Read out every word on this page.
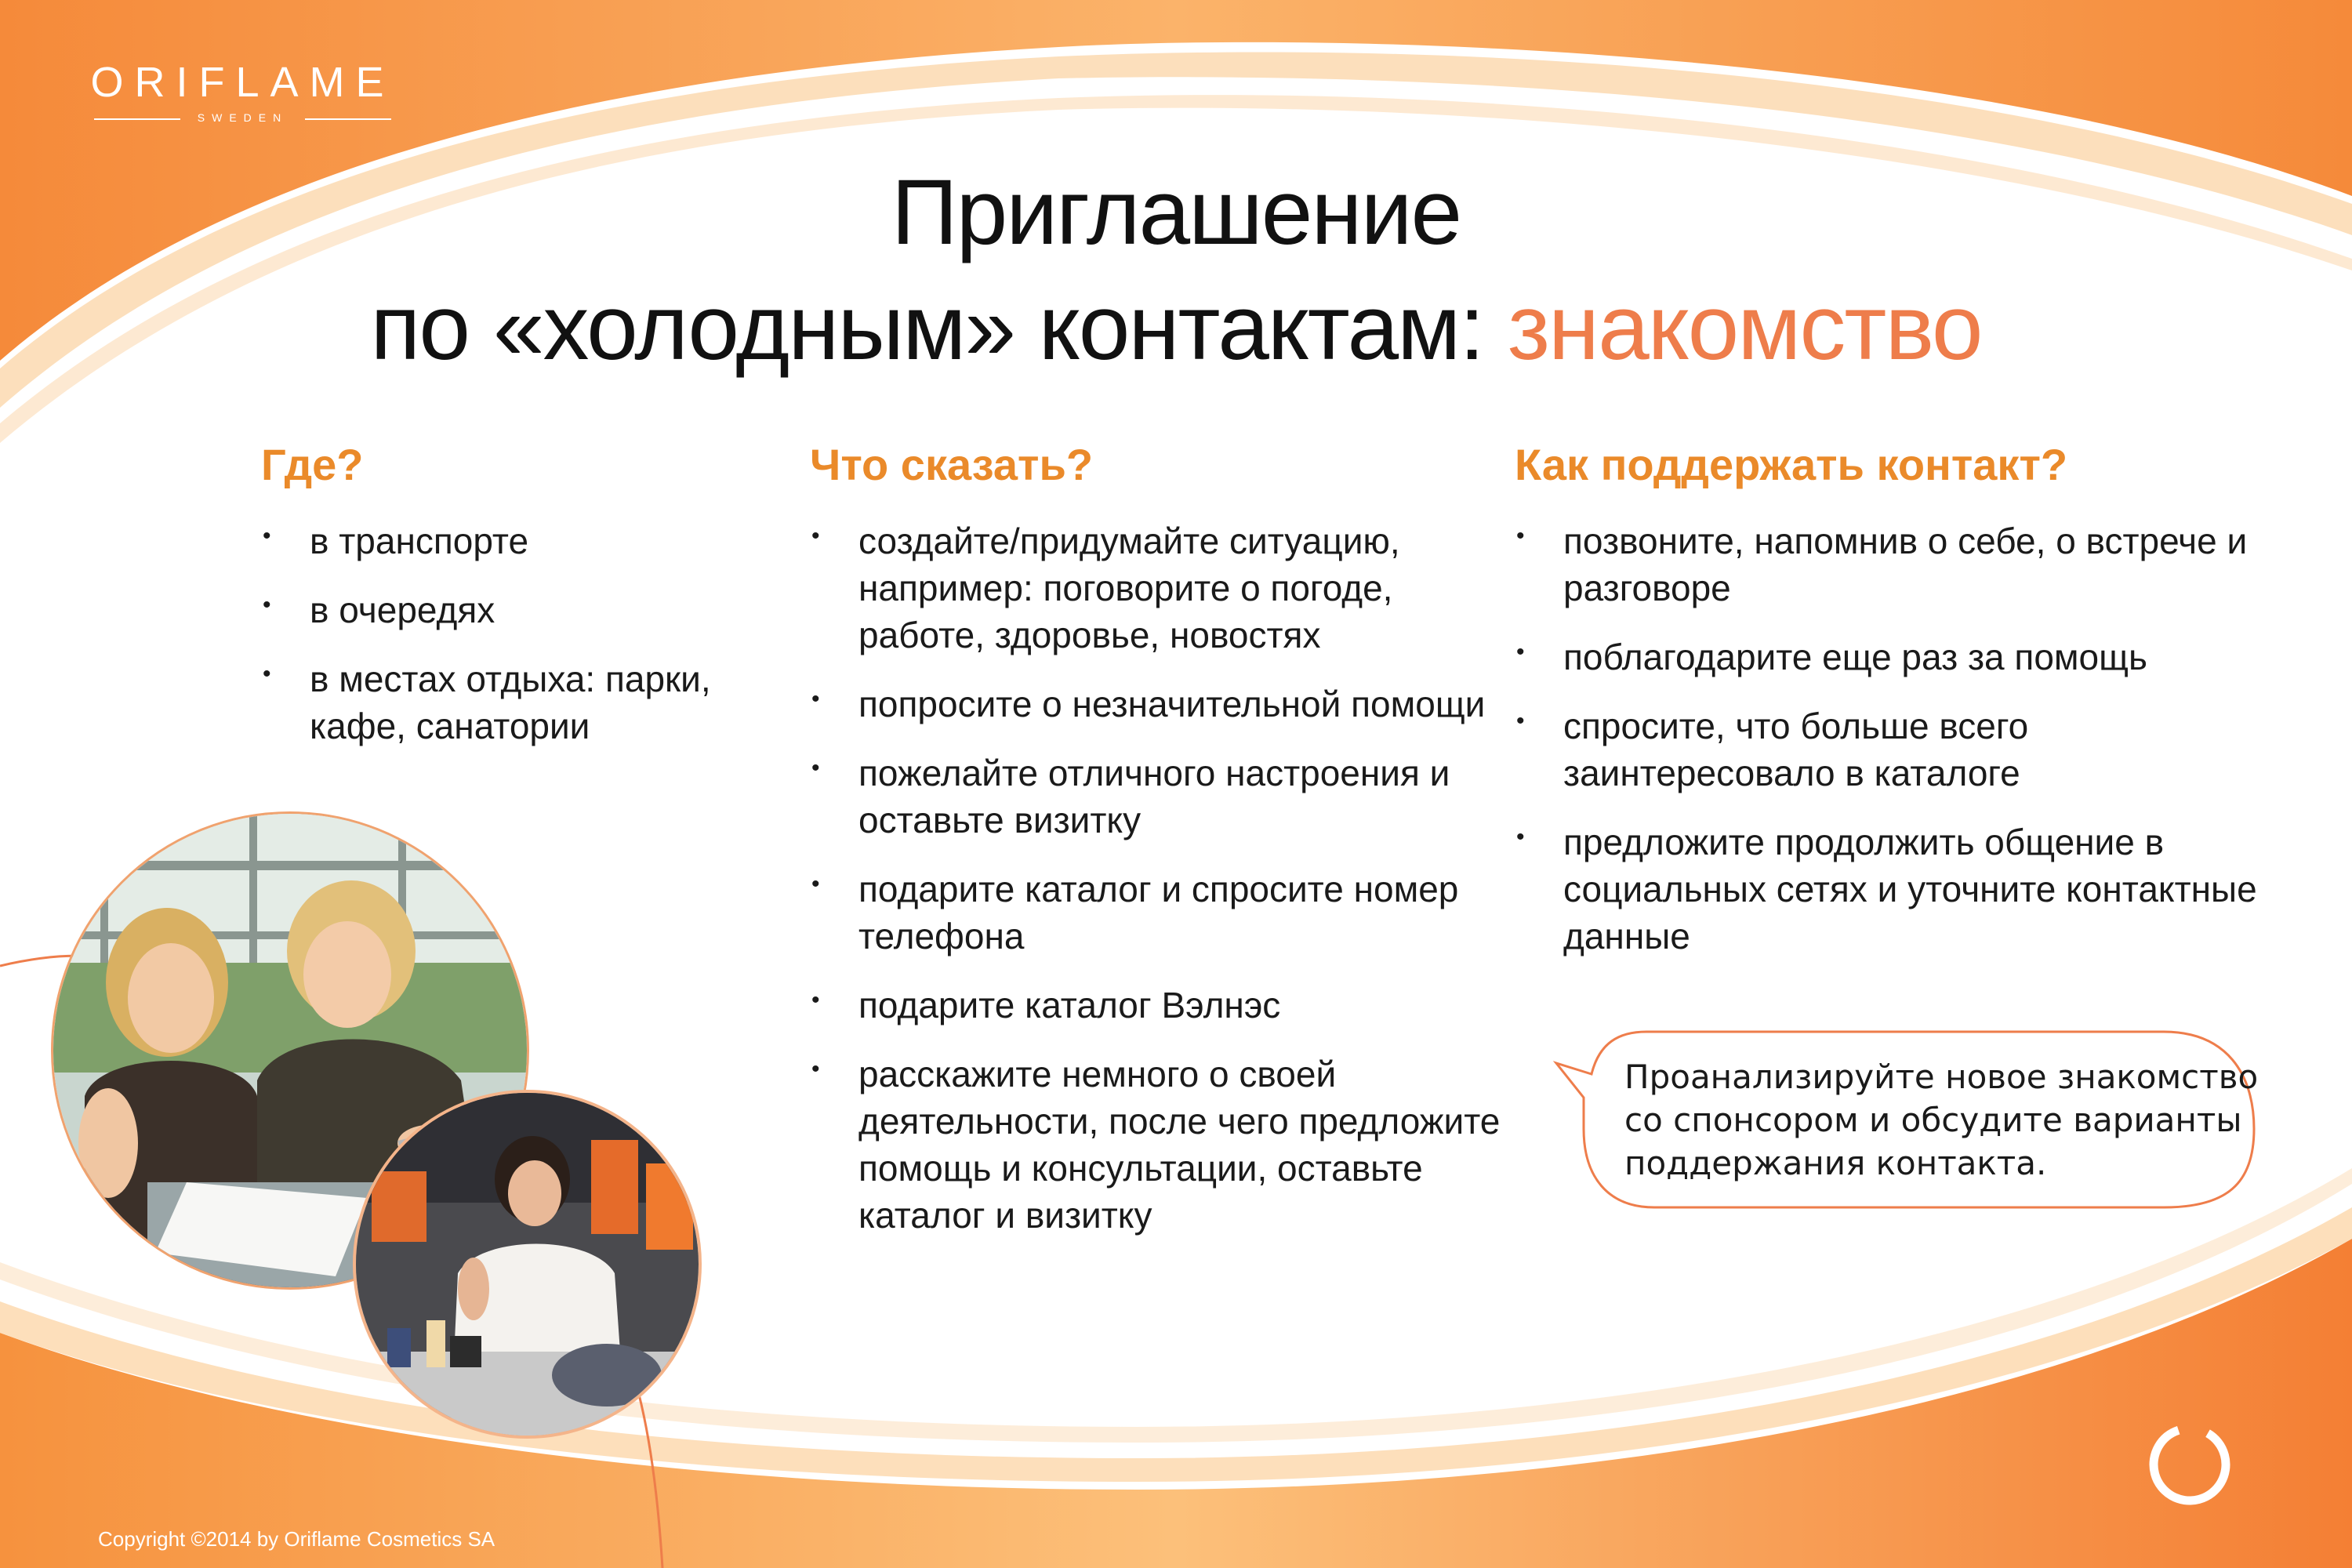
ORIFLAME
SWEDEN
Приглашение
по «холодным» контактам: знакомство
Где?
• в транспорте
• в очередях
• в местах отдыха: парки, кафе, санатории
Что сказать?
• создайте/придумайте ситуацию, например: поговорите о погоде, работе, здоровье, новостях
• попросите о незначительной помощи
• пожелайте отличного настроения и оставьте визитку
• подарите каталог и спросите номер телефона
• подарите каталог Вэлнэс
• расскажите немного о своей деятельности, после чего предложите помощь и консультации, оставьте каталог и визитку
Как поддержать контакт?
• позвоните, напомнив о себе, о встрече и разговоре
• поблагодарите еще раз за помощь
• спросите, что больше всего заинтересовало в каталоге
• предложите продолжить общение в социальных сетях и уточните контактные данные
Проанализируйте новое знакомство со спонсором и обсудите варианты поддержания контакта.
Copyright ©2014 by Oriflame Cosmetics SA
